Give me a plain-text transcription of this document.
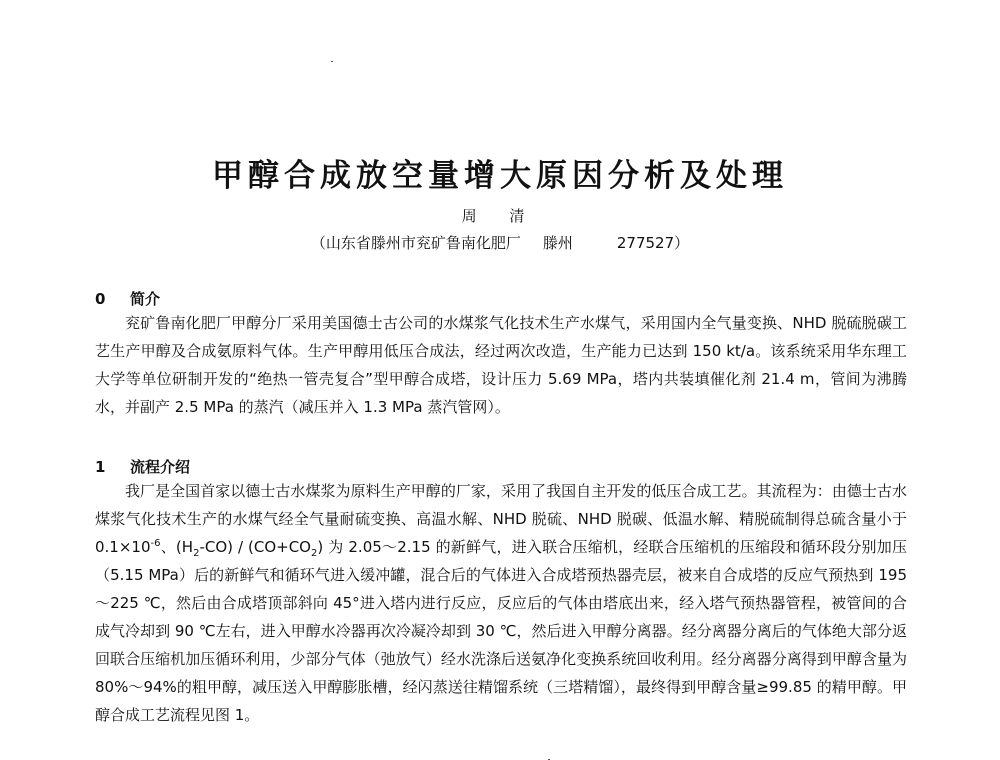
甲醇合成放空量增大原因分析及处理
周 清
（山东省滕州市兖矿鲁南化肥厂 滕州	277527）
0 简介

兖矿鲁南化肥厂甲醇分厂采用美国德士古公司的水煤浆气化技术生产水煤气，采用国内全气量变换、NHD 脱硫脱碳工艺生产甲醇及合成氨原料气体。生产甲醇用低压合成法，经过两次改造，生产能力已达到 150 kt/a。该系统采用华东理工大学等单位研制开发的“绝热一管壳复合”型甲醇合成塔，设计压力 5.69 MPa，塔内共装填催化剂 21.4 m，管间为沸腾水，并副产 2.5 MPa 的蒸汽（减压并入 1.3 MPa 蒸汽管网）。

1 流程介绍

我厂是全国首家以德士古水煤浆为原料生产甲醇的厂家，采用了我国自主开发的低压合成工艺。其流程为：由德士古水煤浆气化技术生产的水煤气经全气量耐硫变换、高温水解、NHD 脱硫、NHD 脱碳、低温水解、精脱硫制得总硫含量小于 $0.1\times 10^{-6}$、$(H_2-CO) / (CO+CO_2)$ 为 2.05～2.15 的新鲜气，进入联合压缩机，经联合压缩机的压缩段和循环段分别加压（5.15 MPa）后的新鲜气和循环气进入缓冲罐，混合后的气体进入合成塔预热器壳层，被来自合成塔的反应气预热到 195～225 ℃，然后由合成塔顶部斜向 45°进入塔内进行反应，反应后的气体由塔底出来，经入塔气预热器管程，被管间的合成气冷却到 90 ℃左右，进入甲醇水冷器再次冷凝冷却到 30 ℃，然后进入甲醇分离器。经分离器分离后的气体绝大部分返回联合压缩机加压循环利用，少部分气体（弛放气）经水洗涤后送氨净化变换系统回收利用。经分离器分离得到甲醇含量为 80%～94%的粗甲醇，减压送入甲醇膨胀槽，经闪蒸送往精馏系统（三塔精馏），最终得到甲醇含量≥99.85 的精甲醇。甲醇合成工艺流程见图 1。
